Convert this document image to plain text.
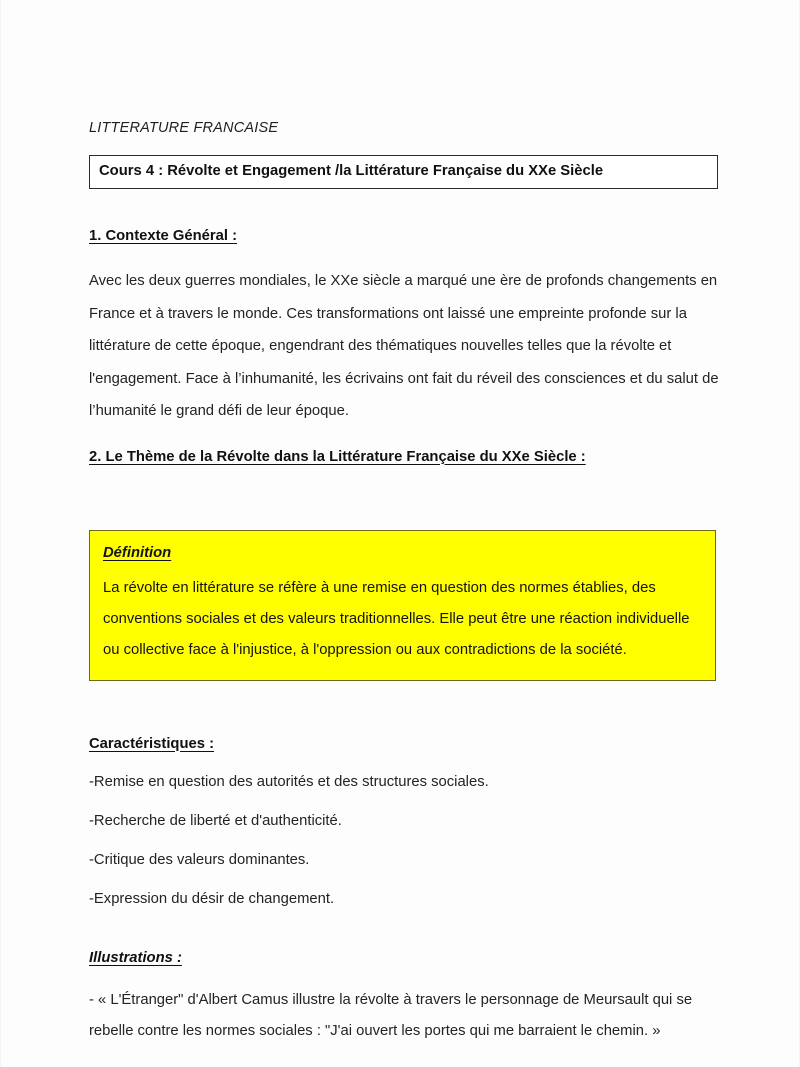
LITTERATURE FRANCAISE
Cours 4 : Révolte et Engagement /la Littérature Française du XXe Siècle
1. Contexte Général :

Avec les deux guerres mondiales, le XXe siècle a marqué une ère de profonds changements en France et à travers le monde. Ces transformations ont laissé une empreinte profonde sur la littérature de cette époque, engendrant des thématiques nouvelles telles que la révolte et l'engagement. Face à l’inhumanité, les écrivains ont fait du réveil des consciences et du salut de l’humanité le grand défi de leur époque.

2. Le Thème de la Révolte dans la Littérature Française du XXe Siècle :
Définition

La révolte en littérature se réfère à une remise en question des normes établies, des conventions sociales et des valeurs traditionnelles. Elle peut être une réaction individuelle ou collective face à l'injustice, à l'oppression ou aux contradictions de la société.

Caractéristiques :
-Remise en question des autorités et des structures sociales.
-Recherche de liberté et d'authenticité.
-Critique des valeurs dominantes.
-Expression du désir de changement.
Illustrations :

- « L'Étranger" d'Albert Camus illustre la révolte à travers le personnage de Meursault qui se rebelle contre les normes sociales : "J'ai ouvert les portes qui me barraient le chemin. »
